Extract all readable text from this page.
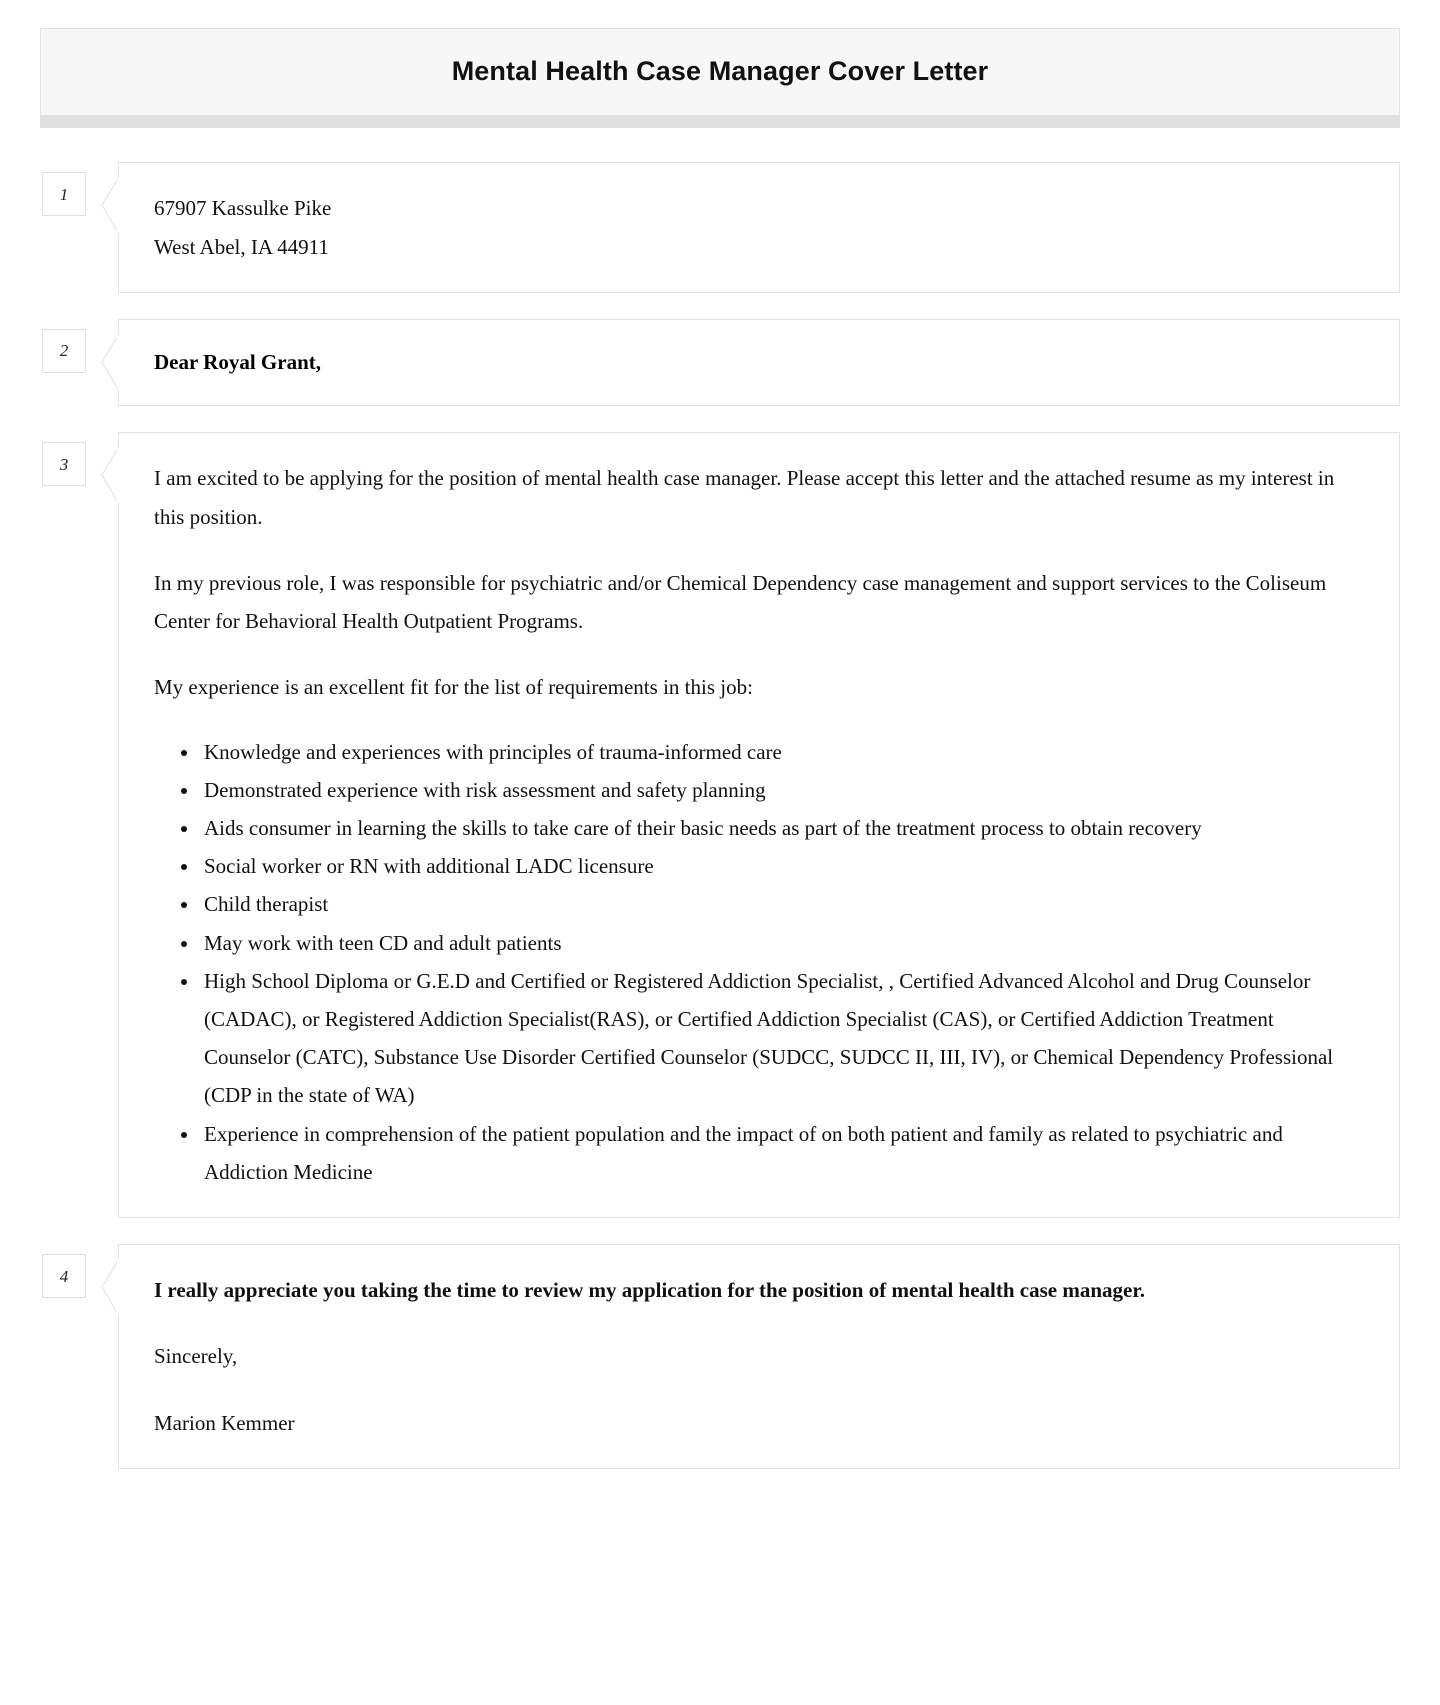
Mental Health Case Manager Cover Letter
1
67907 Kassulke Pike
West Abel, IA 44911
2	Dear Royal Grant,
3

I am excited to be applying for the position of mental health case manager. Please accept this letter and the attached resume as my interest in this position.

In my previous role, I was responsible for psychiatric and/or Chemical Dependency case management and support services to the Coliseum Center for Behavioral Health Outpatient Programs.

My experience is an excellent fit for the list of requirements in this job:

• Knowledge and experiences with principles of trauma-informed care
• Demonstrated experience with risk assessment and safety planning
• Aids consumer in learning the skills to take care of their basic needs as part of the treatment process to obtain recovery
• Social worker or RN with additional LADC licensure
• Child therapist
• May work with teen CD and adult patients
• High School Diploma or G.E.D and Certified or Registered Addiction Specialist, , Certified Advanced Alcohol and Drug Counselor (CADAC), or Registered Addiction Specialist(RAS), or Certified Addiction Specialist (CAS), or Certified Addiction Treatment Counselor (CATC), Substance Use Disorder Certified Counselor (SUDCC, SUDCC II, III, IV), or Chemical Dependency Professional (CDP in the state of WA)
• Experience in comprehension of the patient population and the impact of on both patient and family as related to psychiatric and Addiction Medicine
4

I really appreciate you taking the time to review my application for the position of mental health case manager.

Sincerely,

Marion Kemmer
